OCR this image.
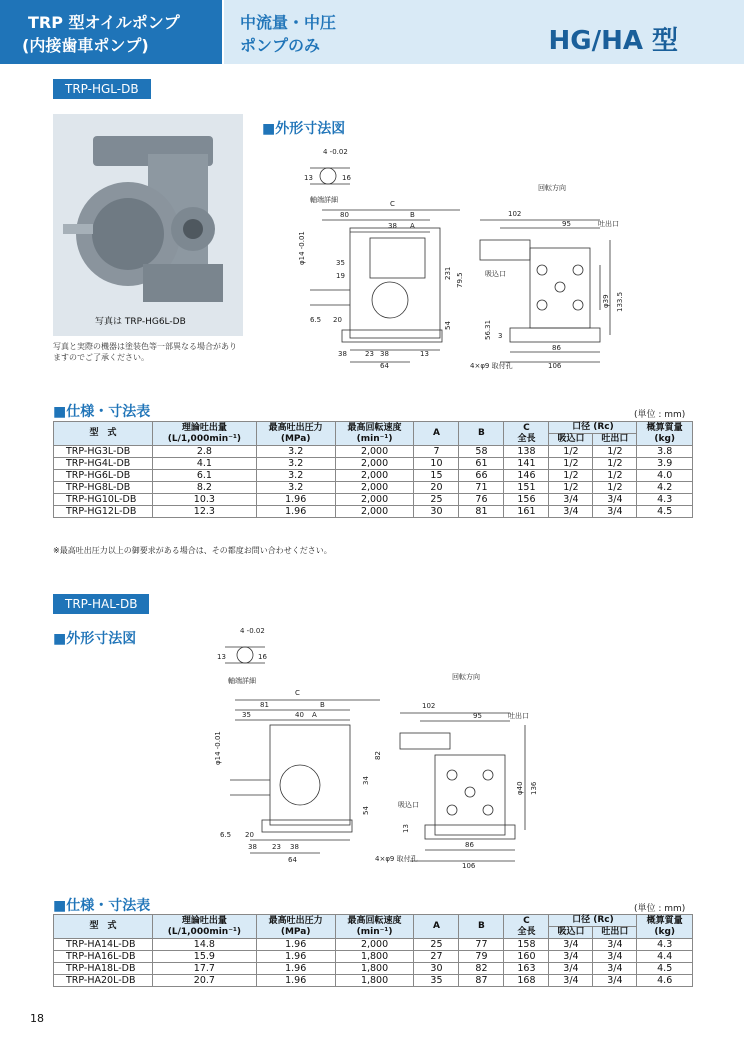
TRP 型オイルポンプ
(内接歯車ポンプ)
中流量・中圧
ポンプのみ	HG/HA 型
TRP-HGL-DB
写真は TRP-HG6L-DB
写真と実際の機器は塗装色等一部異なる場合がありますのでご了承ください。
■外形寸法図
4 -0.02
13	16
軸端詳細	C
80	B
38 A
35
19
φ14 -0.01
6.5 20
38	23 38	13
64
231 79.5
54	56.31 3
回転方向
102
95	吐出口
吸込口
φ39 133.5
86
106
4×φ9 取付孔
■仕様・寸法表	(単位 : mm)
型　式	理論吐出量
(L/1,000min⁻¹)	最高吐出圧力
(MPa)	最高回転速度
(min⁻¹)	A	B	C
全長	口径 (Rc)		概算質量
(kg)
							吸込口	吐出口	
TRP-HG3L-DB	2.8	3.2	2,000	7	58	138	1/2	1/2	3.8
TRP-HG4L-DB	4.1	3.2	2,000	10	61	141	1/2	1/2	3.9
TRP-HG6L-DB	6.1	3.2	2,000	15	66	146	1/2	1/2	4.0
TRP-HG8L-DB	8.2	3.2	2,000	20	71	151	1/2	1/2	4.2
TRP-HG10L-DB	10.3	1.96	2,000	25	76	156	3/4	3/4	4.3
TRP-HG12L-DB	12.3	1.96	2,000	30	81	161	3/4	3/4	4.5
※最高吐出圧力以上の御要求がある場合は、その都度お問い合わせください。
TRP-HAL-DB
■外形寸法図	4 -0.02
13	16
軸端詳細
C
81	B
35	40 A
φ14 -0.01
6.5 20
38 23 38
64
82
34
54
13
回転方向
102
95	吐出口
吸込口
φ40 136
86
106
4×φ9 取付孔
■仕様・寸法表	(単位 : mm)
型　式	理論吐出量
(L/1,000min⁻¹)	最高吐出圧力
(MPa)	最高回転速度
(min⁻¹)	A	B	C
全長	口径 (Rc)		概算質量
(kg)
							吸込口	吐出口	
TRP-HA14L-DB	14.8	1.96	2,000	25	77	158	3/4	3/4	4.3
TRP-HA16L-DB	15.9	1.96	1,800	27	79	160	3/4	3/4	4.4
TRP-HA18L-DB	17.7	1.96	1,800	30	82	163	3/4	3/4	4.5
TRP-HA20L-DB	20.7	1.96	1,800	35	87	168	3/4	3/4	4.6
18
